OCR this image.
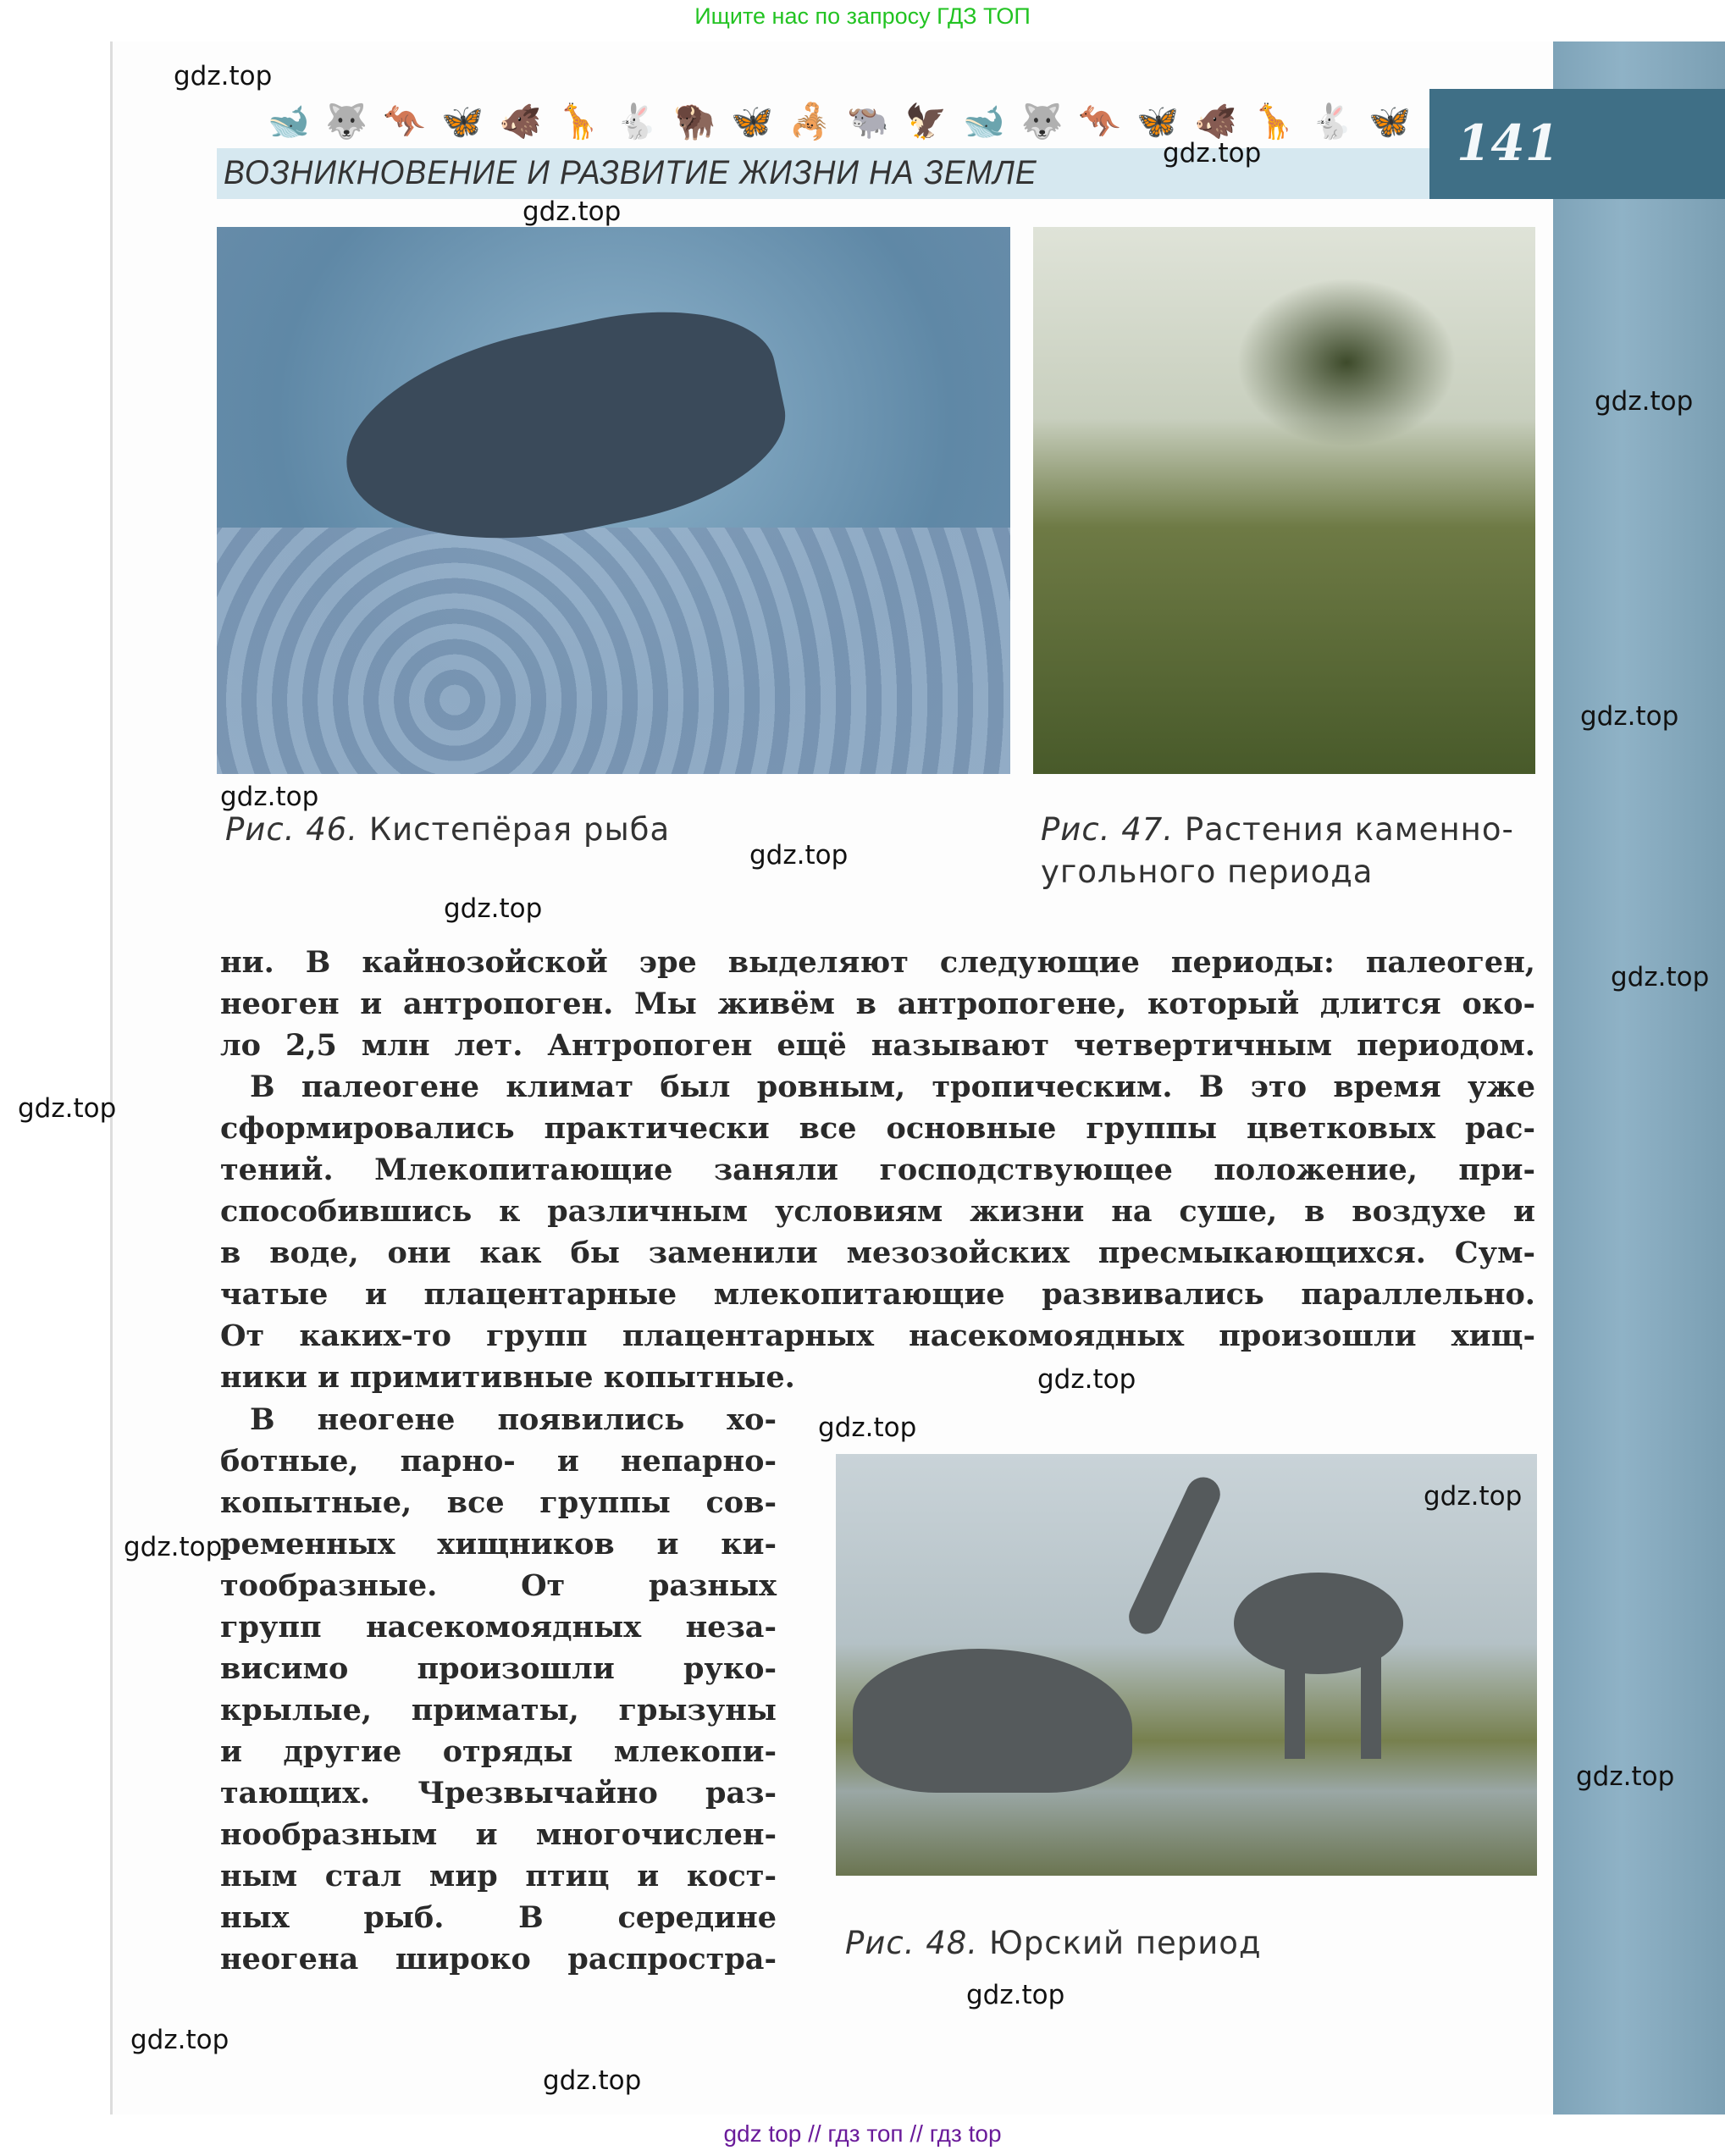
Ищите нас по запросу ГДЗ ТОП
141
🐋 🐺 🦘 🦋 🐗 🦒 🐇 🦬 🦋 🦂 🐃 🦅 🐋 🐺 🦘 🦋 🐗 🦒 🐇 🦋
ВОЗНИКНОВЕНИЕ И РАЗВИТИЕ ЖИЗНИ НА ЗЕМЛЕ
Рис. 46. Кистепёрая рыба	Рис. 47. Растения каменно-
угольного периода
Рис. 48. Юрский период
ни. В кайнозойской эре выделяют следующие периоды: палеоген,
неоген и антропоген. Мы живём в антропогене, который длится око-
ло 2,5 млн лет. Антропоген ещё называют четвертичным периодом.
 В палеогене климат был ровным, тропическим. В это время уже
сформировались практически все основные группы цветковых рас-
тений. Млекопитающие заняли господствующее положение, при-
способившись к различным условиям жизни на суше, в воздухе и
в воде, они как бы заменили мезозойских пресмыкающихся. Сум-
чатые и плацентарные млекопитающие развивались параллельно.
От каких-то групп плацентарных насекомоядных произошли хищ-
ники и примитивные копытные.
 В неогене появились хо-
ботные, парно- и непарно-
копытные, все группы сов-
ременных хищников и ки-
тообразные. От разных
групп насекомоядных неза-
висимо произошли руко-
крылые, приматы, грызуны
и другие отряды млекопи-
тающих. Чрезвычайно раз-
нообразным и многочислен-
ным стал мир птиц и кост-
ных рыб. В середине
неогена широко распростра-
gdz.top
gdz.top
gdz.top
gdz.top
gdz.top
gdz.top
gdz.top
gdz.top
gdz.top
gdz.top
gdz.top
gdz.top
gdz.top
gdz.top
gdz.top
gdz.top
gdz.top
gdz.top
gdz top // гдз топ // гдз top
